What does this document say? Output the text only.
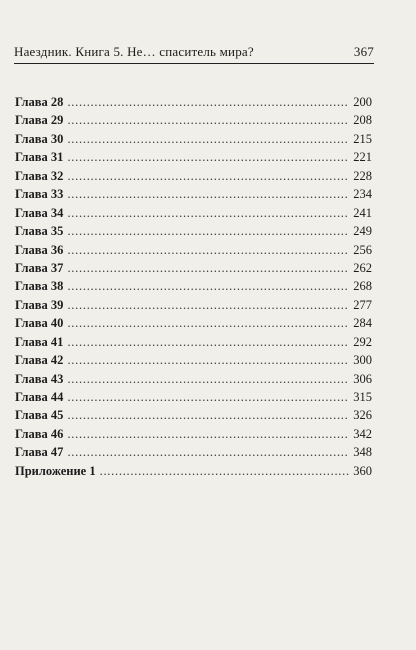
Наездник. Книга 5. Не… спаситель мира?	367
Глава 28 . . .	200
Глава 29 . . .	208
Глава 30 . . .	215
Глава 31 . . .	221
Глава 32 . . .	228
Глава 33 . . .	234
Глава 34 . . .	241
Глава 35 . . .	249
Глава 36 . . .	256
Глава 37 . . .	262
Глава 38 . . .	268
Глава 39 . . .	277
Глава 40 . . .	284
Глава 41 . . .	292
Глава 42 . . .	300
Глава 43 . . .	306
Глава 44 . . .	315
Глава 45 . . .	326
Глава 46 . . .	342
Глава 47 . . .	348
Приложение 1 . . .	360
